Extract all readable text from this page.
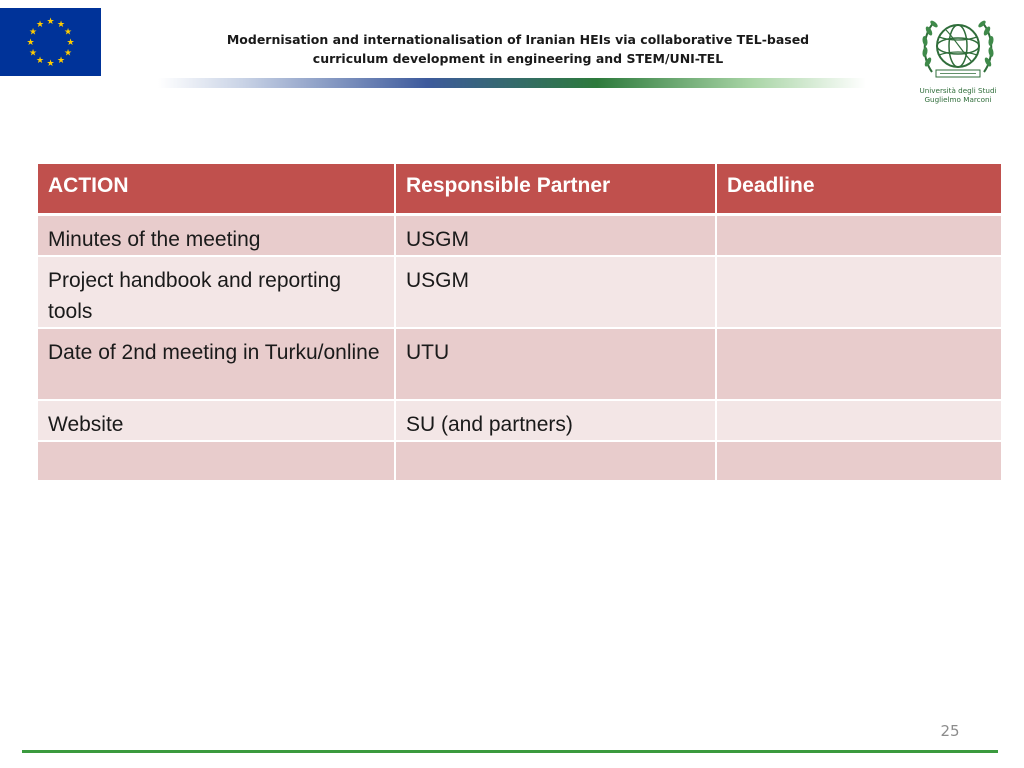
★ ★
★
★
★
★
★
★
★
★
★
★
Modernisation and internationalisation of Iranian HEIs via collaborative TEL-based
curriculum development in engineering and STEM/UNI-TEL
Università degli Studi
Guglielmo Marconi
ACTION	Responsible Partner	Deadline
Minutes of the meeting	USGM	
Project handbook and reporting tools	USGM	
Date of 2nd meeting in Turku/online	UTU	
Website	SU (and partners)	

25
